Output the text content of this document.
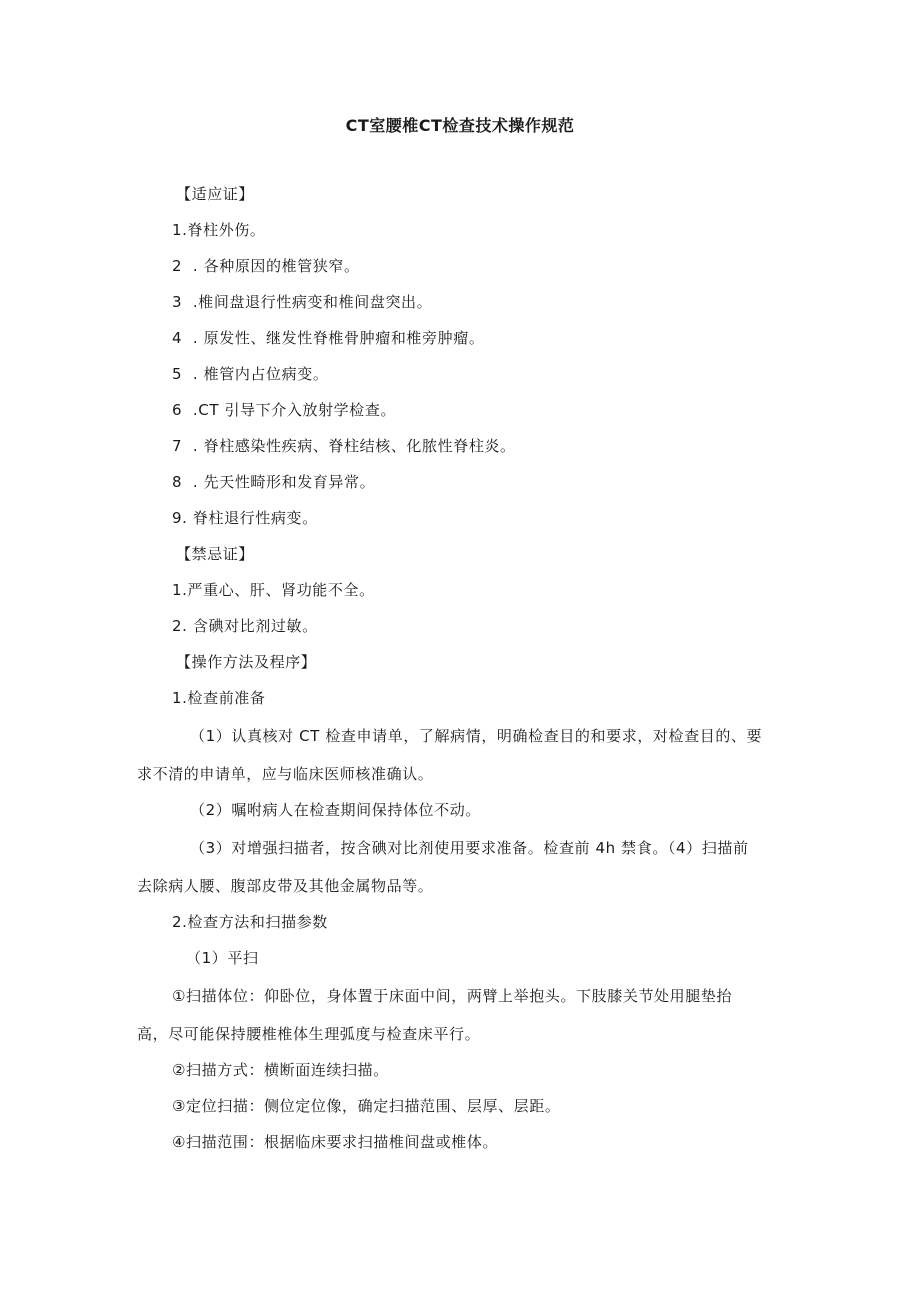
CT室腰椎CT检查技术操作规范
【适应证】
1.脊柱外伤。
2  . 各种原因的椎管狭窄。
3  .椎间盘退行性病变和椎间盘突出。
4  . 原发性、继发性脊椎骨肿瘤和椎旁肿瘤。
5  . 椎管内占位病变。
6  .CT 引导下介入放射学检查。
7  . 脊柱感染性疾病、脊柱结核、化脓性脊柱炎。
8  . 先天性畸形和发育异常。
9. 脊柱退行性病变。
【禁忌证】
1.严重心、肝、肾功能不全。
2. 含碘对比剂过敏。
【操作方法及程序】
1.检查前准备
（1）认真核对 CT 检查申请单，了解病情，明确检查目的和要求，对检查目的、要
求不清的申请单，应与临床医师核准确认。
（2）嘱咐病人在检查期间保持体位不动。
（3）对增强扫描者，按含碘对比剂使用要求准备。检查前 4h 禁食。（4）扫描前
去除病人腰、腹部皮带及其他金属物品等。
2.检查方法和扫描参数
（1）平扫
①扫描体位：仰卧位，身体置于床面中间，两臂上举抱头。下肢膝关节处用腿垫抬
高，尽可能保持腰椎椎体生理弧度与检查床平行。
②扫描方式：横断面连续扫描。
③定位扫描：侧位定位像，确定扫描范围、层厚、层距。
④扫描范围：根据临床要求扫描椎间盘或椎体。
